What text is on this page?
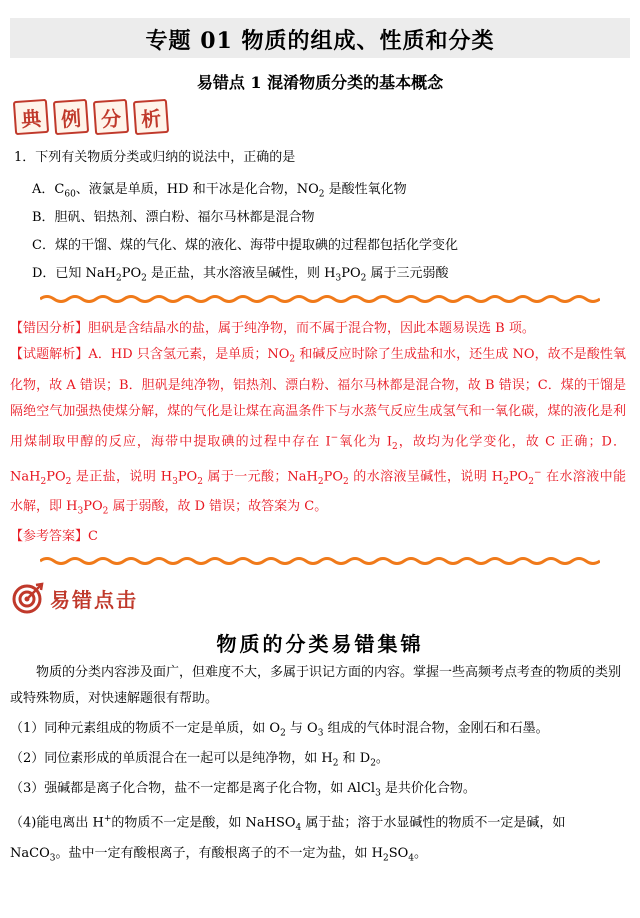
专题 01 物质的组成、性质和分类
易错点 1 混淆物质分类的基本概念
典 例 分 析
1．下列有关物质分类或归纳的说法中，正确的是
A．$C_{60}$、液氯是单质，HD 和干冰是化合物，$NO_2$ 是酸性氧化物
B．胆矾、铝热剂、漂白粉、福尔马林都是混合物
C．煤的干馏、煤的气化、煤的液化、海带中提取碘的过程都包括化学变化
D．已知 $NaH_2PO_2$ 是正盐，其水溶液呈碱性，则 $H_3PO_2$ 属于三元弱酸
【错因分析】胆矾是含结晶水的盐，属于纯净物，而不属于混合物，因此本题易误选 B 项。
【试题解析】A．HD 只含氢元素，是单质；$NO_2$ 和碱反应时除了生成盐和水，还生成 NO，故不是酸性氧化物，故 A 错误；B．胆矾是纯净物，铝热剂、漂白粉、福尔马林都是混合物，故 B 错误；C．煤的干馏是隔绝空气加强热使煤分解，煤的气化是让煤在高温条件下与水蒸气反应生成氢气和一氧化碳，煤的液化是利用煤制取甲醇的反应，海带中提取碘的过程中存在 I−氧化为 $I_2$，故均为化学变化，故 C 正确；D．$NaH_2PO_2$ 是正盐，说明 $H_3PO_2$ 属于一元酸；$NaH_2PO_2$ 的水溶液呈碱性，说明 $H_2PO_2^-$ 在水溶液中能水解，即 $H_3PO_2$ 属于弱酸，故 D 错误；故答案为 C。
【参考答案】C
易错点击
物质的分类易错集锦
物质的分类内容涉及面广，但难度不大，多属于识记方面的内容。掌握一些高频考点考查的物质的类别或特殊物质，对快速解题很有帮助。
（1）同种元素组成的物质不一定是单质，如 $O_2$ 与 $O_3$ 组成的气体时混合物，金刚石和石墨。
（2）同位素形成的单质混合在一起可以是纯净物，如 $H_2$ 和 $D_2$。
（3）强碱都是离子化合物，盐不一定都是离子化合物，如 AlCl$_3$ 是共价化合物。
（4)能电离出 H+的物质不一定是酸，如 NaHSO$_4$ 属于盐；溶于水显碱性的物质不一定是碱，如 NaCO$_3$。盐中一定有酸根离子，有酸根离子的不一定为盐，如 $H_2SO_4$。
